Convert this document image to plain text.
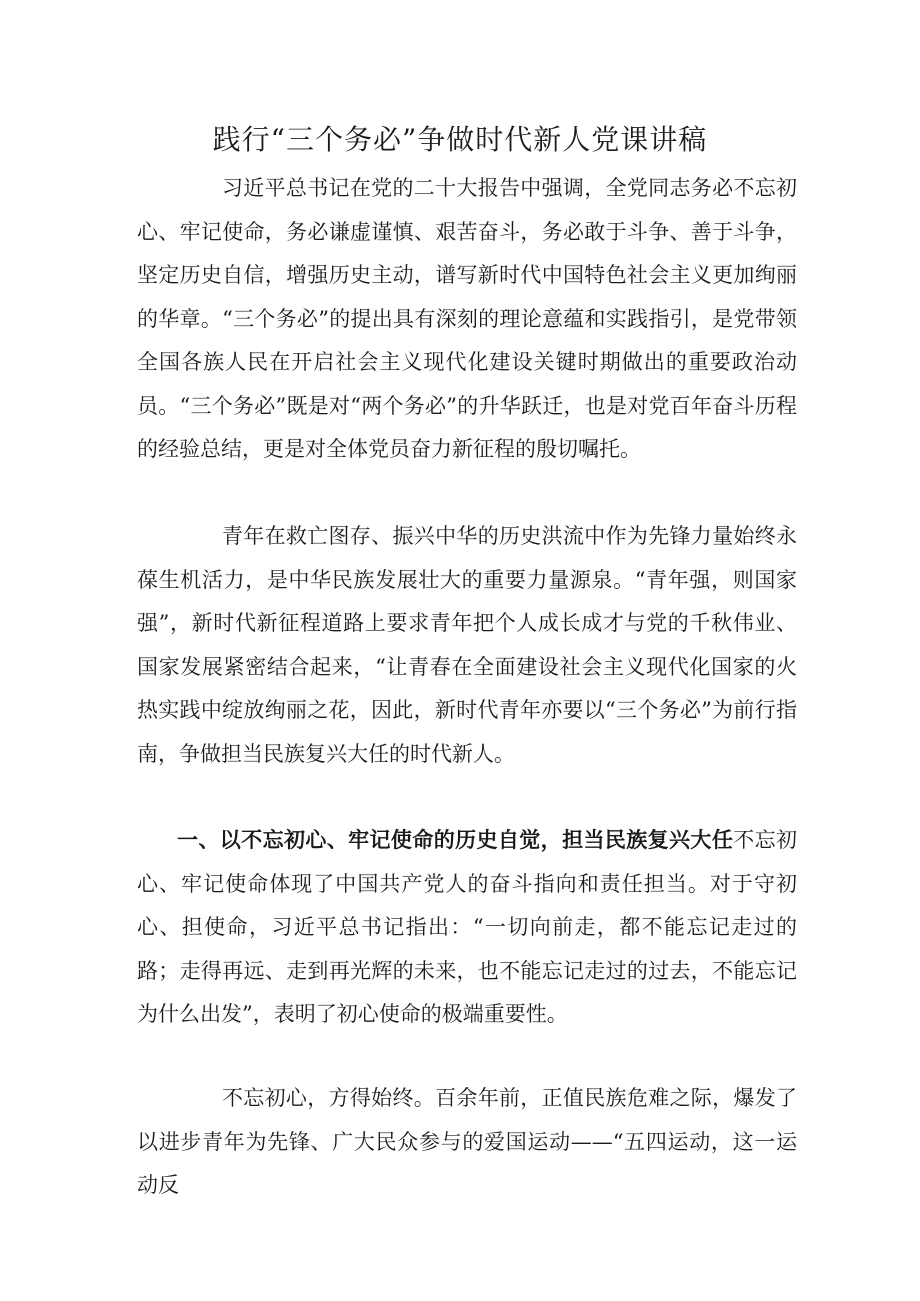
践行“三个务必”争做时代新人党课讲稿

习近平总书记在党的二十大报告中强调，全党同志务必不忘初心、牢记使命，务必谦虚谨慎、艰苦奋斗，务必敢于斗争、善于斗争，坚定历史自信，增强历史主动，谱写新时代中国特色社会主义更加绚丽的华章。“三个务必”的提出具有深刻的理论意蕴和实践指引，是党带领全国各族人民在开启社会主义现代化建设关键时期做出的重要政治动员。“三个务必”既是对“两个务必”的升华跃迁，也是对党百年奋斗历程的经验总结，更是对全体党员奋力新征程的殷切嘱托。

青年在救亡图存、振兴中华的历史洪流中作为先锋力量始终永葆生机活力，是中华民族发展壮大的重要力量源泉。“青年强，则国家强”，新时代新征程道路上要求青年把个人成长成才与党的千秋伟业、国家发展紧密结合起来，“让青春在全面建设社会主义现代化国家的火热实践中绽放绚丽之花，因此，新时代青年亦要以“三个务必”为前行指南，争做担当民族复兴大任的时代新人。

一、以不忘初心、牢记使命的历史自觉，担当民族复兴大任不忘初心、牢记使命体现了中国共产党人的奋斗指向和责任担当。对于守初心、担使命，习近平总书记指出：“一切向前走，都不能忘记走过的路；走得再远、走到再光辉的未来，也不能忘记走过的过去，不能忘记为什么出发”，表明了初心使命的极端重要性。

不忘初心，方得始终。百余年前，正值民族危难之际，爆发了以进步青年为先锋、广大民众参与的爱国运动——“五四运动，这一运动反
